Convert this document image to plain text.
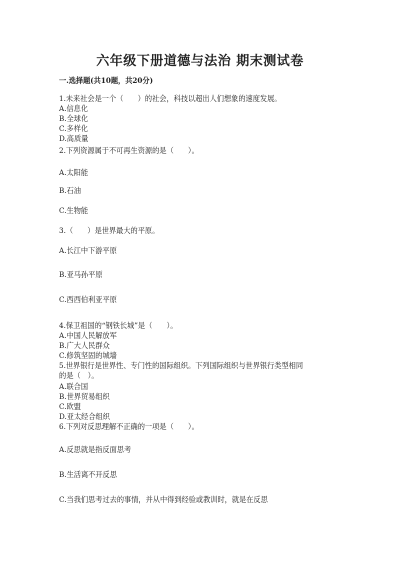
六年级下册道德与法治 期末测试卷
一.选择题(共10题，共20分)
1.未来社会是一个（　　）的社会，科技以超出人们想象的速度发展。
A.信息化
B.全球化
C.多样化
D.高质量
2.下列资源属于不可再生资源的是（　　）。
A.太阳能
B.石油
C.生物能
3.（　　）是世界最大的平原。
A.长江中下游平原
B.亚马孙平原
C.西西伯利亚平原
4.保卫祖国的“钢铁长城”是（　　）。
A.中国人民解放军
B.广大人民群众
C.修筑坚固的城墙
5.世界银行是世界性、专门性的国际组织。下列国际组织与世界银行类型相同
的是（　）。
A.联合国
B.世界贸易组织
C.欧盟
D.亚太经合组织
6.下列对反思理解不正确的一项是（　　）。
A.反思就是指反面思考
B.生活离不开反思
C.当我们思考过去的事情，并从中得到经验或教训时，就是在反思
